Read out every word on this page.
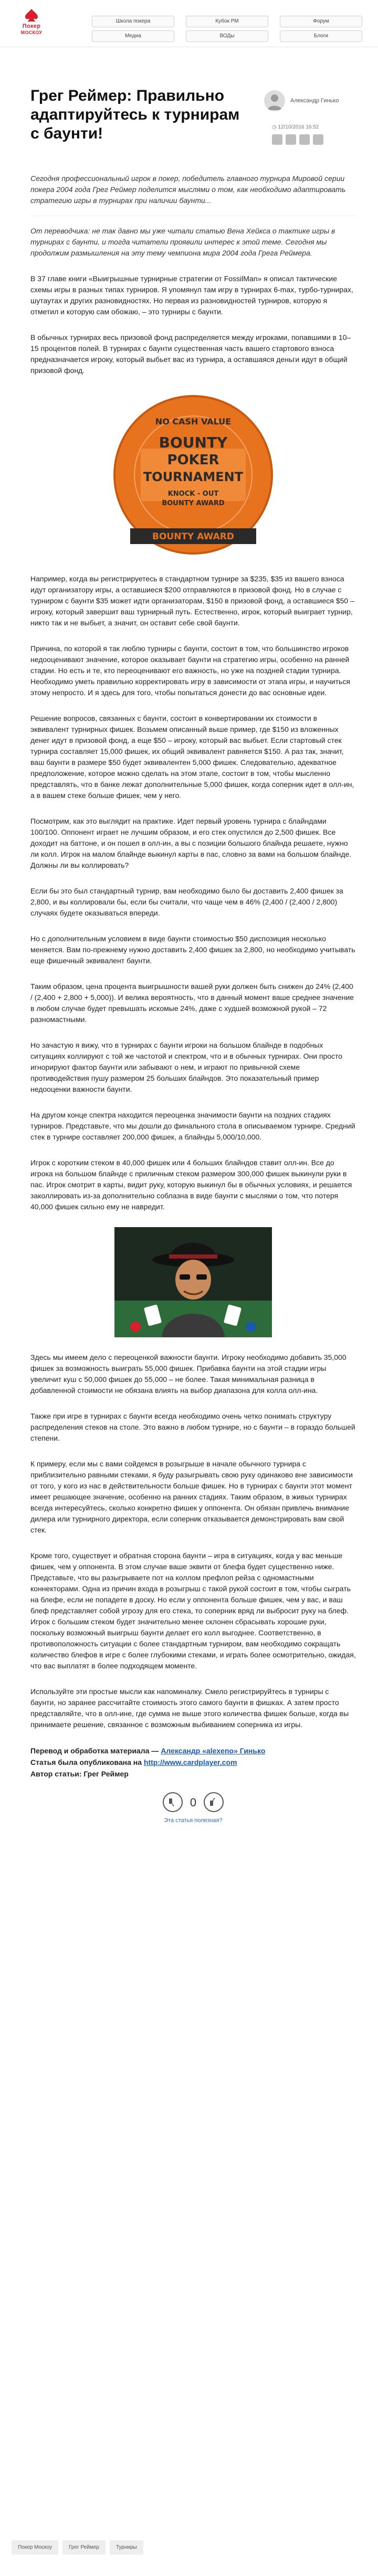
Покер
МОСКОУ
Школа покера	Кубок РМ	Форум
Медиа	ВОДы	Блоги
Грег Реймер: Правильно адаптируйтесь к турнирам с баунти!
Александр Гинько
◷ 12/10/2016 16:52

Сегодня профессиональный игрок в покер, победитель главного турнира Мировой серии покера 2004 года Грег Реймер поделится мыслями о том, как необходимо адаптировать стратегию игры в турнирах при наличии баунти...

От переводчика: не так давно мы уже читали статью Вена Хейкса о тактике игры в турнирах с баунти, и тогда читатели проявили интерес к этой теме. Сегодня мы продолжим размышления на эту тему чемпиона мира 2004 года Грега Реймера.

В 37 главе книги «Выигрышные турнирные стратегии от FossilMan» я описал тактические схемы игры в разных типах турниров. Я упомянул там игру в турнирах 6-max, турбо-турнирах, шутаутах и других разновидностях. Но первая из разновидностей турниров, которую я отметил и которую сам обожаю, – это турниры с баунти.

В обычных турнирах весь призовой фонд распределяется между игроками, попавшими в 10–15 процентов полей. В турнирах с баунти существенная часть вашего стартового взноса предназначается игроку, который выбьет вас из турнира, а оставшаяся деньги идут в общий призовой фонд.

NO CASH VALUE
BOUNTY
POKER
TOURNAMENT
KNOCK - OUT
BOUNTY AWARD
BOUNTY AWARD

Например, когда вы регистрируетесь в стандартном турнире за $235, $35 из вашего взноса идут организатору игры, а оставшиеся $200 отправляются в призовой фонд. Но в случае с турниром с баунти $35 может идти организаторам, $150 в призовой фонд, а оставшиеся $50 – игроку, который завершит ваш турнирный путь. Естественно, игрок, который выиграет турнир, никто так и не выбьет, а значит, он оставит себе свой баунти.

Причина, по которой я так люблю турниры с баунти, состоит в том, что большинство игроков недооценивают значение, которое оказывает баунти на стратегию игры, особенно на ранней стадии. Но есть и те, кто переоценивают его важность, но уже на поздней стадии турнира. Необходимо уметь правильно корректировать игру в зависимости от этапа игры, и научиться этому непросто. И я здесь для того, чтобы попытаться донести до вас основные идеи.

Решение вопросов, связанных с баунти, состоит в конвертировании их стоимости в эквивалент турнирных фишек. Возьмем описанный выше пример, где $150 из вложенных денег идут в призовой фонд, а еще $50 – игроку, который вас выбьет. Если стартовый стек турнира составляет 15,000 фишек, их общий эквивалент равняется $150. А раз так, значит, ваш баунти в размере $50 будет эквивалентен 5,000 фишек. Следовательно, адекватное предположение, которое можно сделать на этом этапе, состоит в том, чтобы мысленно представлять, что в банке лежат дополнительные 5,000 фишек, когда соперник идет в олл-ин, а в вашем стеке больше фишек, чем у него.

Посмотрим, как это выглядит на практике. Идет первый уровень турнира с блайндами 100/100. Оппонент играет не лучшим образом, и его стек опустился до 2,500 фишек. Все доходит на баттоне, и он пошел в олл-ин, а вы с позиции большого блайнда решаете, нужно ли колл. Игрок на малом блайнде выкинул карты в пас, словно за вами на большом блайнде. Должны ли вы коллировать?

Если бы это был стандартный турнир, вам необходимо было бы доставить 2,400 фишек за 2,800, и вы коллировали бы, если бы считали, что чаще чем в 46% (2,400 / (2,400 / 2,800) случаях будете оказываться впереди.

Но с дополнительным условием в виде баунти стоимостью $50 диспозиция несколько меняется. Вам по-прежнему нужно доставить 2,400 фишек за 2,800, но необходимо учитывать еще фишечный эквивалент баунти.

Таким образом, цена процента выигрышности вашей руки должен быть снижен до 24% (2,400 / (2,400 + 2,800 + 5,000)). И велика вероятность, что в данный момент ваше среднее значение в любом случае будет превышать искомые 24%, даже с худшей возможной рукой – 72 разномастными.

Но зачастую я вижу, что в турнирах с баунти игроки на большом блайнде в подобных ситуациях коллируют с той же частотой и спектром, что и в обычных турнирах. Они просто игнорируют фактор баунти или забывают о нем, и играют по привычной схеме противодействия пушу размером 25 больших блайндов. Это показательный пример недооценки важности баунти.

На другом конце спектра находится переоценка значимости баунти на поздних стадиях турниров. Представьте, что мы дошли до финального стола в описываемом турнире. Средний стек в турнире составляет 200,000 фишек, а блайнды 5,000/10,000.

Игрок с коротким стеком в 40,000 фишек или 4 больших блайндов ставит олл-ин. Все до игрока на большом блайнде с приличным стеком размером 300,000 фишек выкинули руки в пас. Игрок смотрит в карты, видит руку, которую выкинул бы в обычных условиях, и решается заколлировать из-за дополнительно соблазна в виде баунти с мыслями о том, что потеря 40,000 фишек сильно ему не навредит.

Здесь мы имеем дело с переоценкой важности баунти. Игроку необходимо добавить 35,000 фишек за возможность выиграть 55,000 фишек. Прибавка баунти на этой стадии игры увеличит куш с 50,000 фишек до 55,000 – не более. Такая минимальная разница в добавленной стоимости не обязана влиять на выбор диапазона для колла олл-ина.

Также при игре в турнирах с баунти всегда необходимо очень четко понимать структуру распределения стеков на столе. Это важно в любом турнире, но с баунти – в гораздо большей степени.

К примеру, если мы с вами сойдемся в розыгрыше в начале обычного турнира с приблизительно равными стеками, я буду разыгрывать свою руку одинаково вне зависимости от того, у кого из нас в действительности больше фишек. Но в турнирах с баунти этот момент имеет решающее значение, особенно на ранних стадиях. Таким образом, в живых турнирах всегда интересуйтесь, сколько конкретно фишек у оппонента. Он обязан привлечь внимание дилера или турнирного директора, если соперник отказывается демонстрировать вам свой стек.

Кроме того, существует и обратная сторона баунти – игра в ситуациях, когда у вас меньше фишек, чем у оппонента. В этом случае ваше эквити от блефа будет существенно ниже. Представьте, что вы разыгрываете пот на коллом префлоп рейза с одномастными коннекторами. Одна из причин входа в розыгрыш с такой рукой состоит в том, чтобы сыграть на блефе, если не попадете в доску. Но если у оппонента больше фишек, чем у вас, и ваш блеф представляет собой угрозу для его стека, то соперник вряд ли выбросит руку на блеф. Игрок с большим стеком будет значительно менее склонен сбрасывать хорошие руки, поскольку возможный выигрыш баунти делает его колл выгоднее. Соответственно, в противоположность ситуации с более стандартным турниром, вам необходимо сокращать количество блефов в игре с более глубокими стеками, и играть более осмотрительно, ожидая, что вас выплатят в более подходящем моменте.

Используйте эти простые мысли как напоминалку. Смело регистрируйтесь в турниры с баунти, но заранее рассчитайте стоимость этого самого баунти в фишках. А затем просто представляйте, что в олл-ине, где сумма не выше этого количества фишек больше, когда вы принимаете решение, связанное с возможным выбиванием соперника из игры.

Перевод и обработка материала — Александр «alexeno» Гинько
Статья была опубликована на http://www.cardplayer.com
Автор статьи: Грег Реймер
0
Эта статья полезная?
Покер Москоу	Грег Реймер	Турниры
